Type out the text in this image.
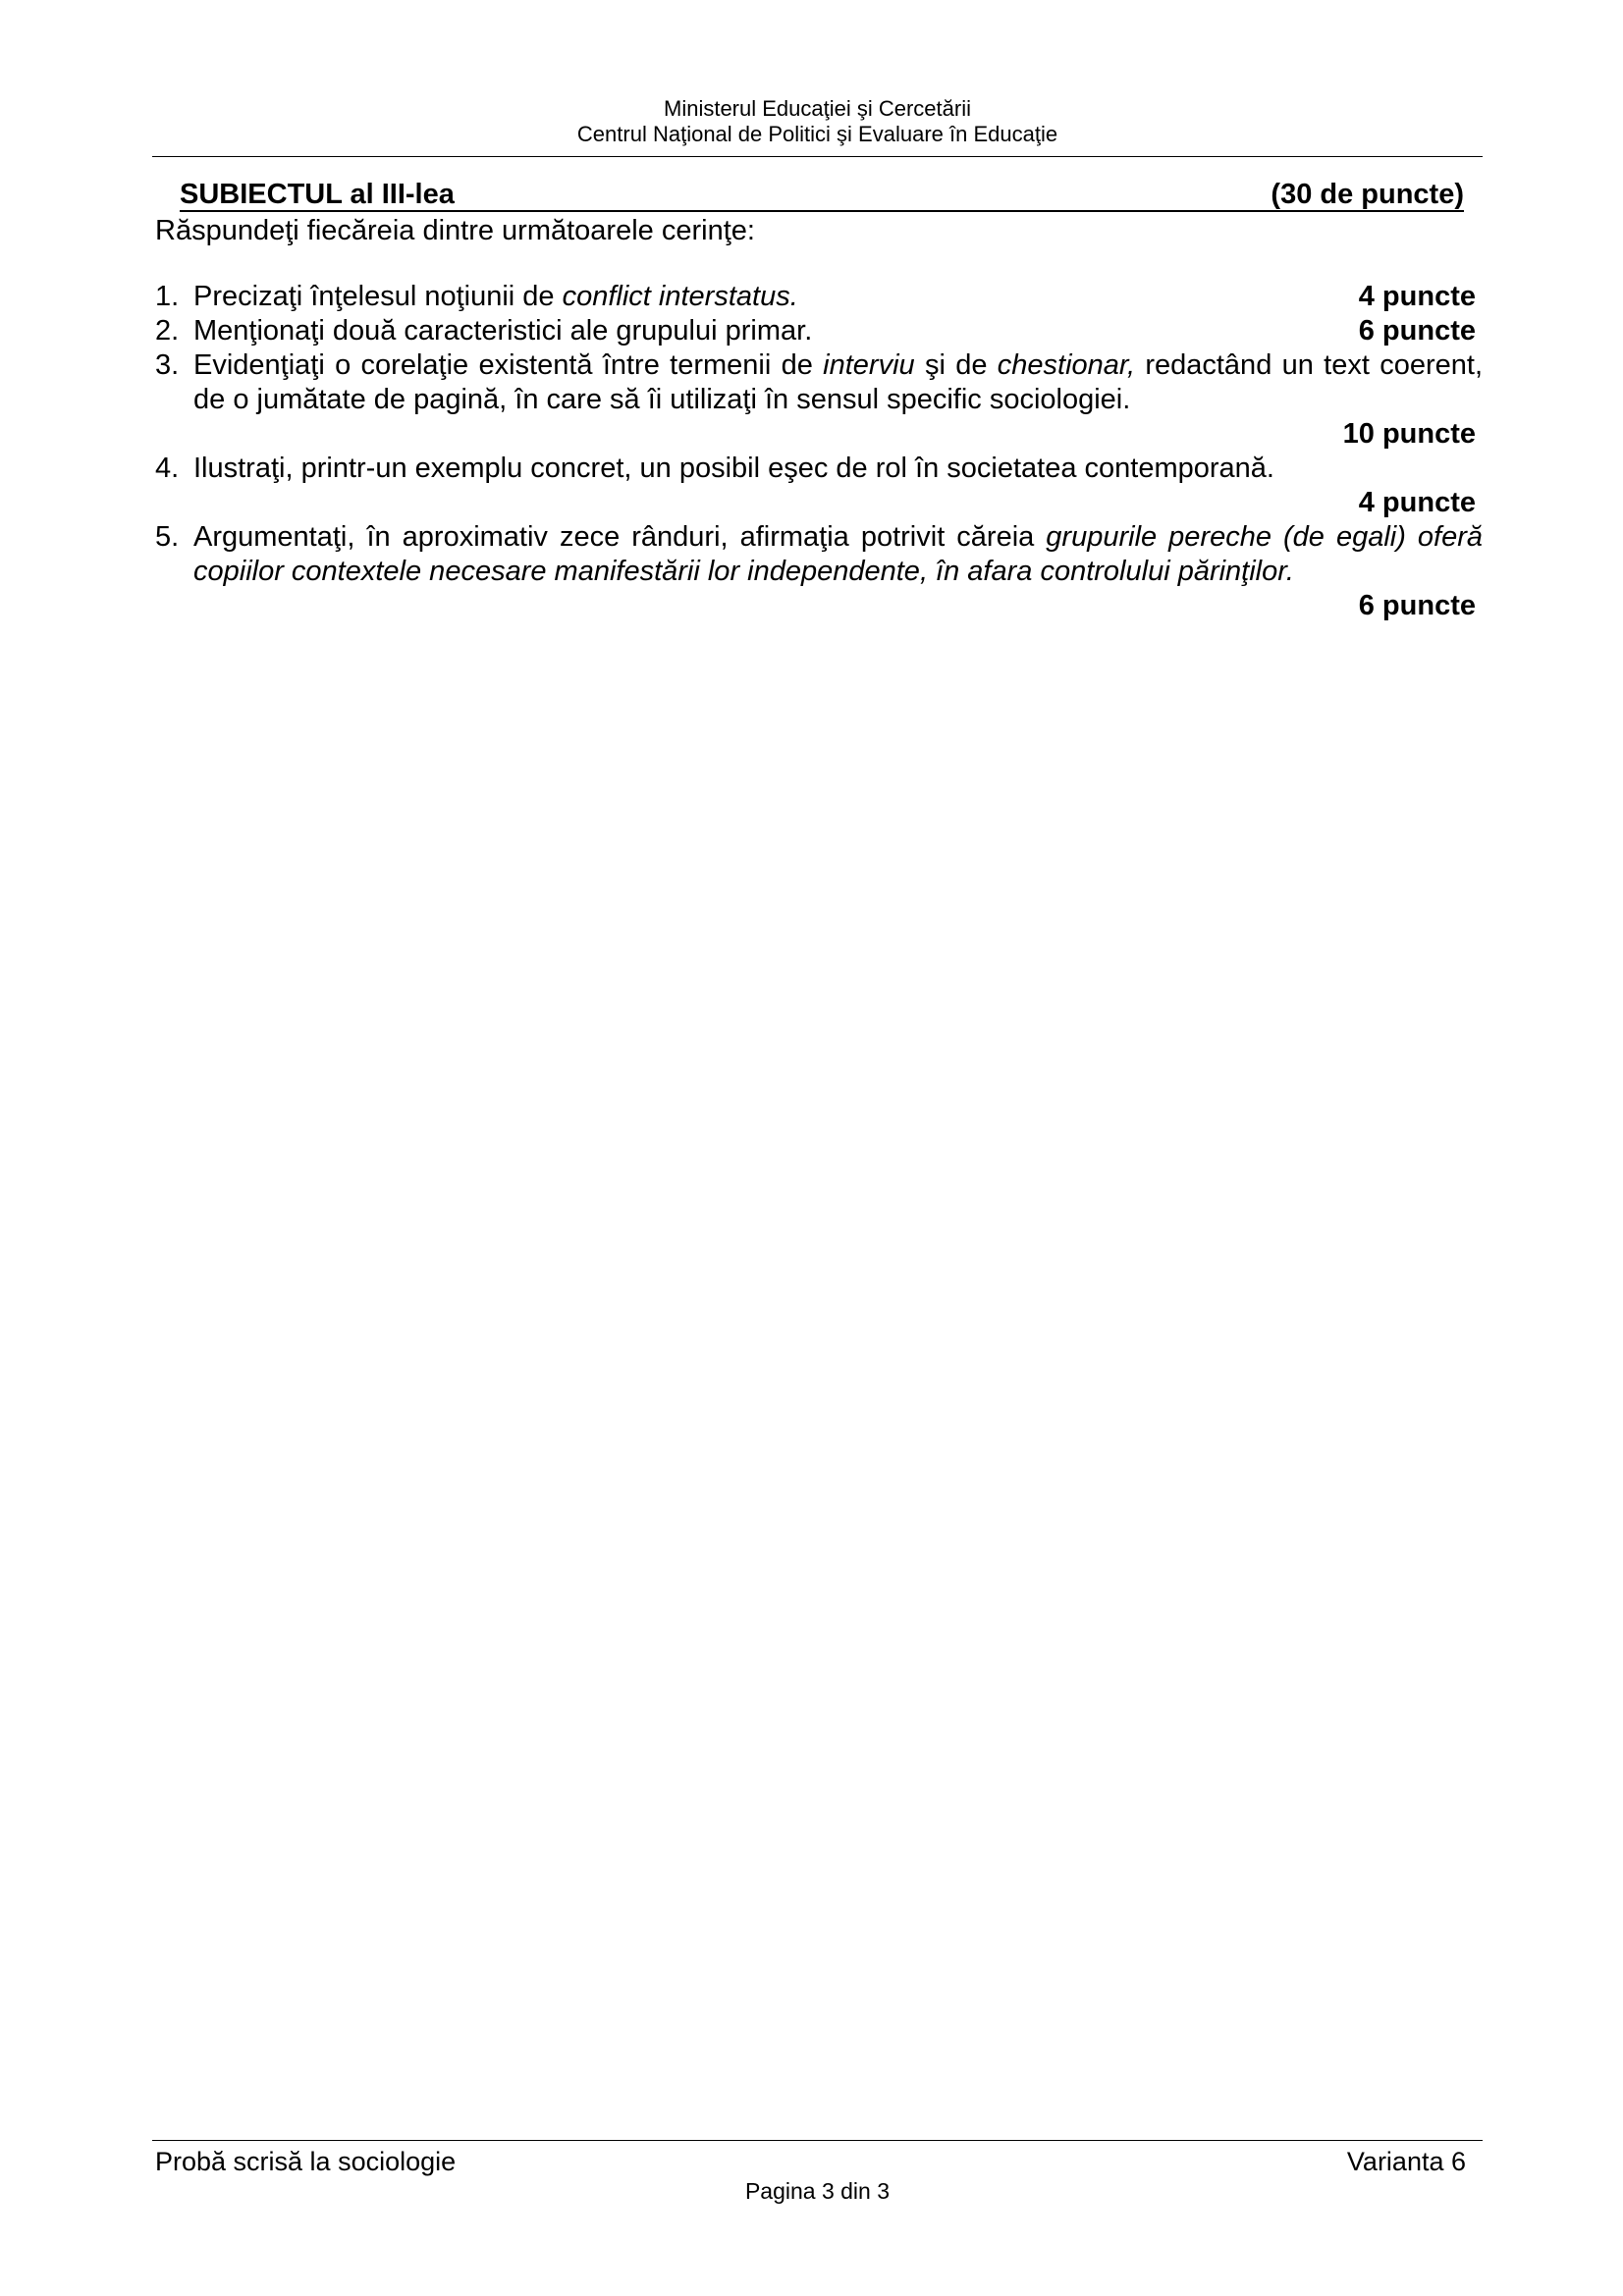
Ministerul Educaţiei şi Cercetării
Centrul Naţional de Politici şi Evaluare în Educaţie
SUBIECTUL al III-lea	(30 de puncte)
Răspundeţi fiecăreia dintre următoarele cerinţe:
1. Precizaţi înţelesul noţiunii de conflict interstatus.	4 puncte
2. Menţionaţi două caracteristici ale grupului primar.	6 puncte
3. Evidenţiaţi o corelaţie existentă între termenii de interviu şi de chestionar, redactând un text coerent, de o jumătate de pagină, în care să îi utilizaţi în sensul specific sociologiei.
10 puncte
4. Ilustraţi, printr-un exemplu concret, un posibil eşec de rol în societatea contemporană.
4 puncte
5. Argumentaţi, în aproximativ zece rânduri, afirmaţia potrivit căreia grupurile pereche (de egali) oferă copiilor contextele necesare manifestării lor independente, în afara controlului părinţilor.
6 puncte
Probă scrisă la sociologie	Varianta 6
Pagina 3 din 3
